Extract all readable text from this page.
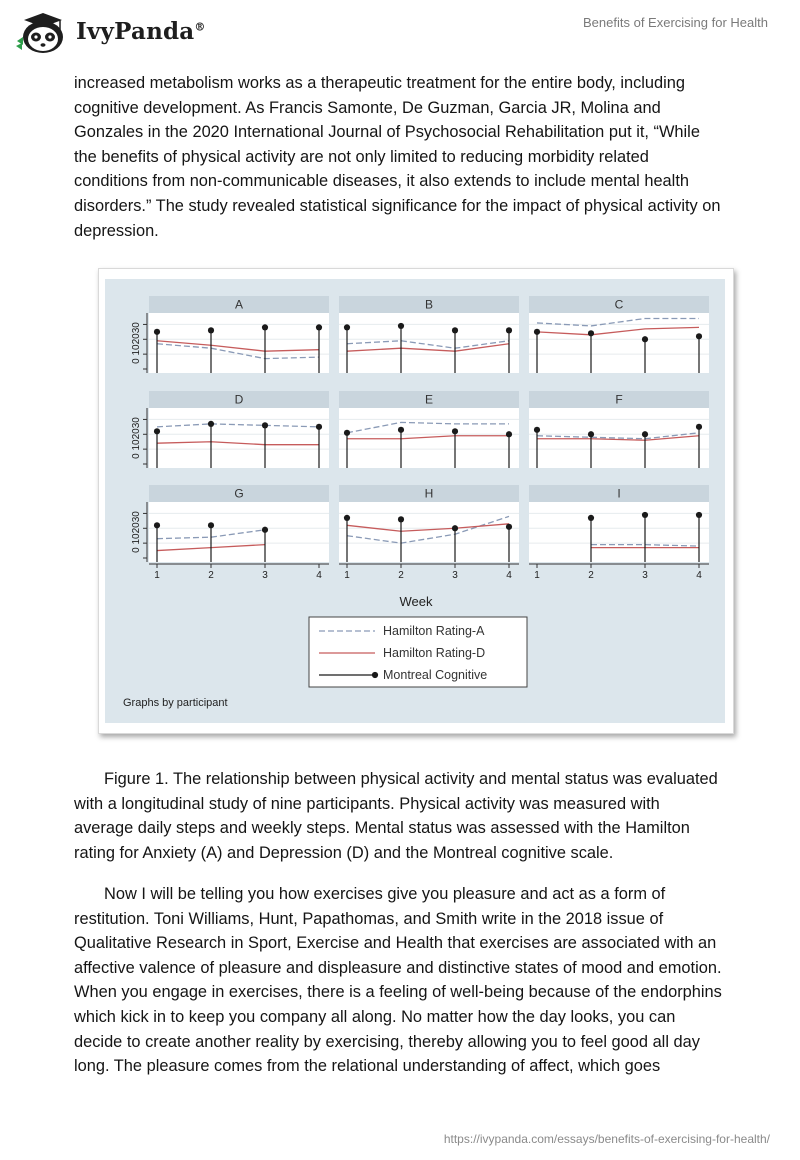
IvyPanda®	Benefits of Exercising for Health

increased metabolism works as a therapeutic treatment for the entire body, including cognitive development. As Francis Samonte, De Guzman, Garcia JR, Molina and Gonzales in the 2020 International Journal of Psychosocial Rehabilitation put it, “While the benefits of physical activity are not only limited to reducing morbidity related conditions from non-communicable diseases, it also extends to include mental health disorders.” The study revealed statistical significance for the impact of physical activity on depression.

A
0 102030
B	C
D
0 102030
E	F
G
0 102030
1	2	3	4
H
1	2	3	4
I
1	2	3	4
Week
Hamilton Rating-A
Hamilton Rating-D
Montreal Cognitive
Graphs by participant

Figure 1. The relationship between physical activity and mental status was evaluated with a longitudinal study of nine participants. Physical activity was measured with average daily steps and weekly steps. Mental status was assessed with the Hamilton rating for Anxiety (A) and Depression (D) and the Montreal cognitive scale.

Now I will be telling you how exercises give you pleasure and act as a form of restitution. Toni Williams, Hunt, Papathomas, and Smith write in the 2018 issue of Qualitative Research in Sport, Exercise and Health that exercises are associated with an affective valence of pleasure and displeasure and distinctive states of mood and emotion. When you engage in exercises, there is a feeling of well-being because of the endorphins which kick in to keep you company all along. No matter how the day looks, you can decide to create another reality by exercising, thereby allowing you to feel good all day long. The pleasure comes from the relational understanding of affect, which goes

https://ivypanda.com/essays/benefits-of-exercising-for-health/
